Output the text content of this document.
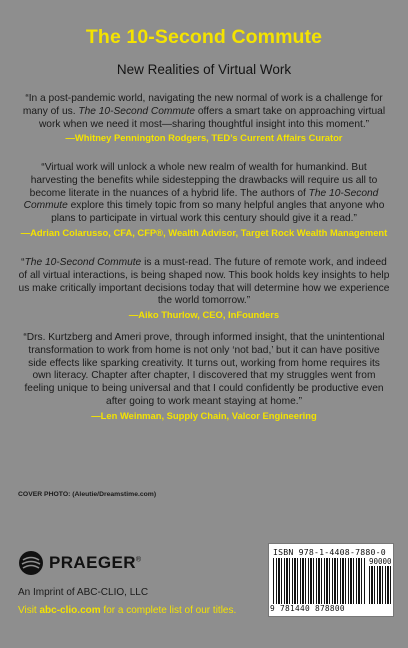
The 10-Second Commute
New Realities of Virtual Work

“In a post-pandemic world, navigating the new normal of work is a challenge for many of us. The 10-Second Commute offers a smart take on approaching virtual work when we need it most—sharing thoughtful insight into this moment.”

—Whitney Pennington Rodgers, TED’s Current Affairs Curator

“Virtual work will unlock a whole new realm of wealth for humankind. But harvesting the benefits while sidestepping the drawbacks will require us all to become literate in the nuances of a hybrid life. The authors of The 10-Second Commute explore this timely topic from so many helpful angles that anyone who plans to participate in virtual work this century should give it a read.”

—Adrian Colarusso, CFA, CFP®, Wealth Advisor, Target Rock Wealth Management

“The 10-Second Commute is a must-read. The future of remote work, and indeed of all virtual interactions, is being shaped now. This book holds key insights to help us make critically important decisions today that will determine how we experience the world tomorrow.”

—Aiko Thurlow, CEO, InFounders

“Drs. Kurtzberg and Ameri prove, through informed insight, that the unintentional transformation to work from home is not only ‘not bad,’ but it can have positive side effects like sparking creativity. It turns out, working from home requires its own literacy. Chapter after chapter, I discovered that my struggles went from feeling unique to being universal and that I could confidently be productive even after going to work meant staying at home.”

—Len Weinman, Supply Chain, Valcor Engineering
COVER PHOTO: (Aleutie/Dreamstime.com)
PRAEGER®
An Imprint of ABC-CLIO, LLC
Visit abc-clio.com for a complete list of our titles.
ISBN 978-1-4408-7880-0
90000
9 781440 878800
